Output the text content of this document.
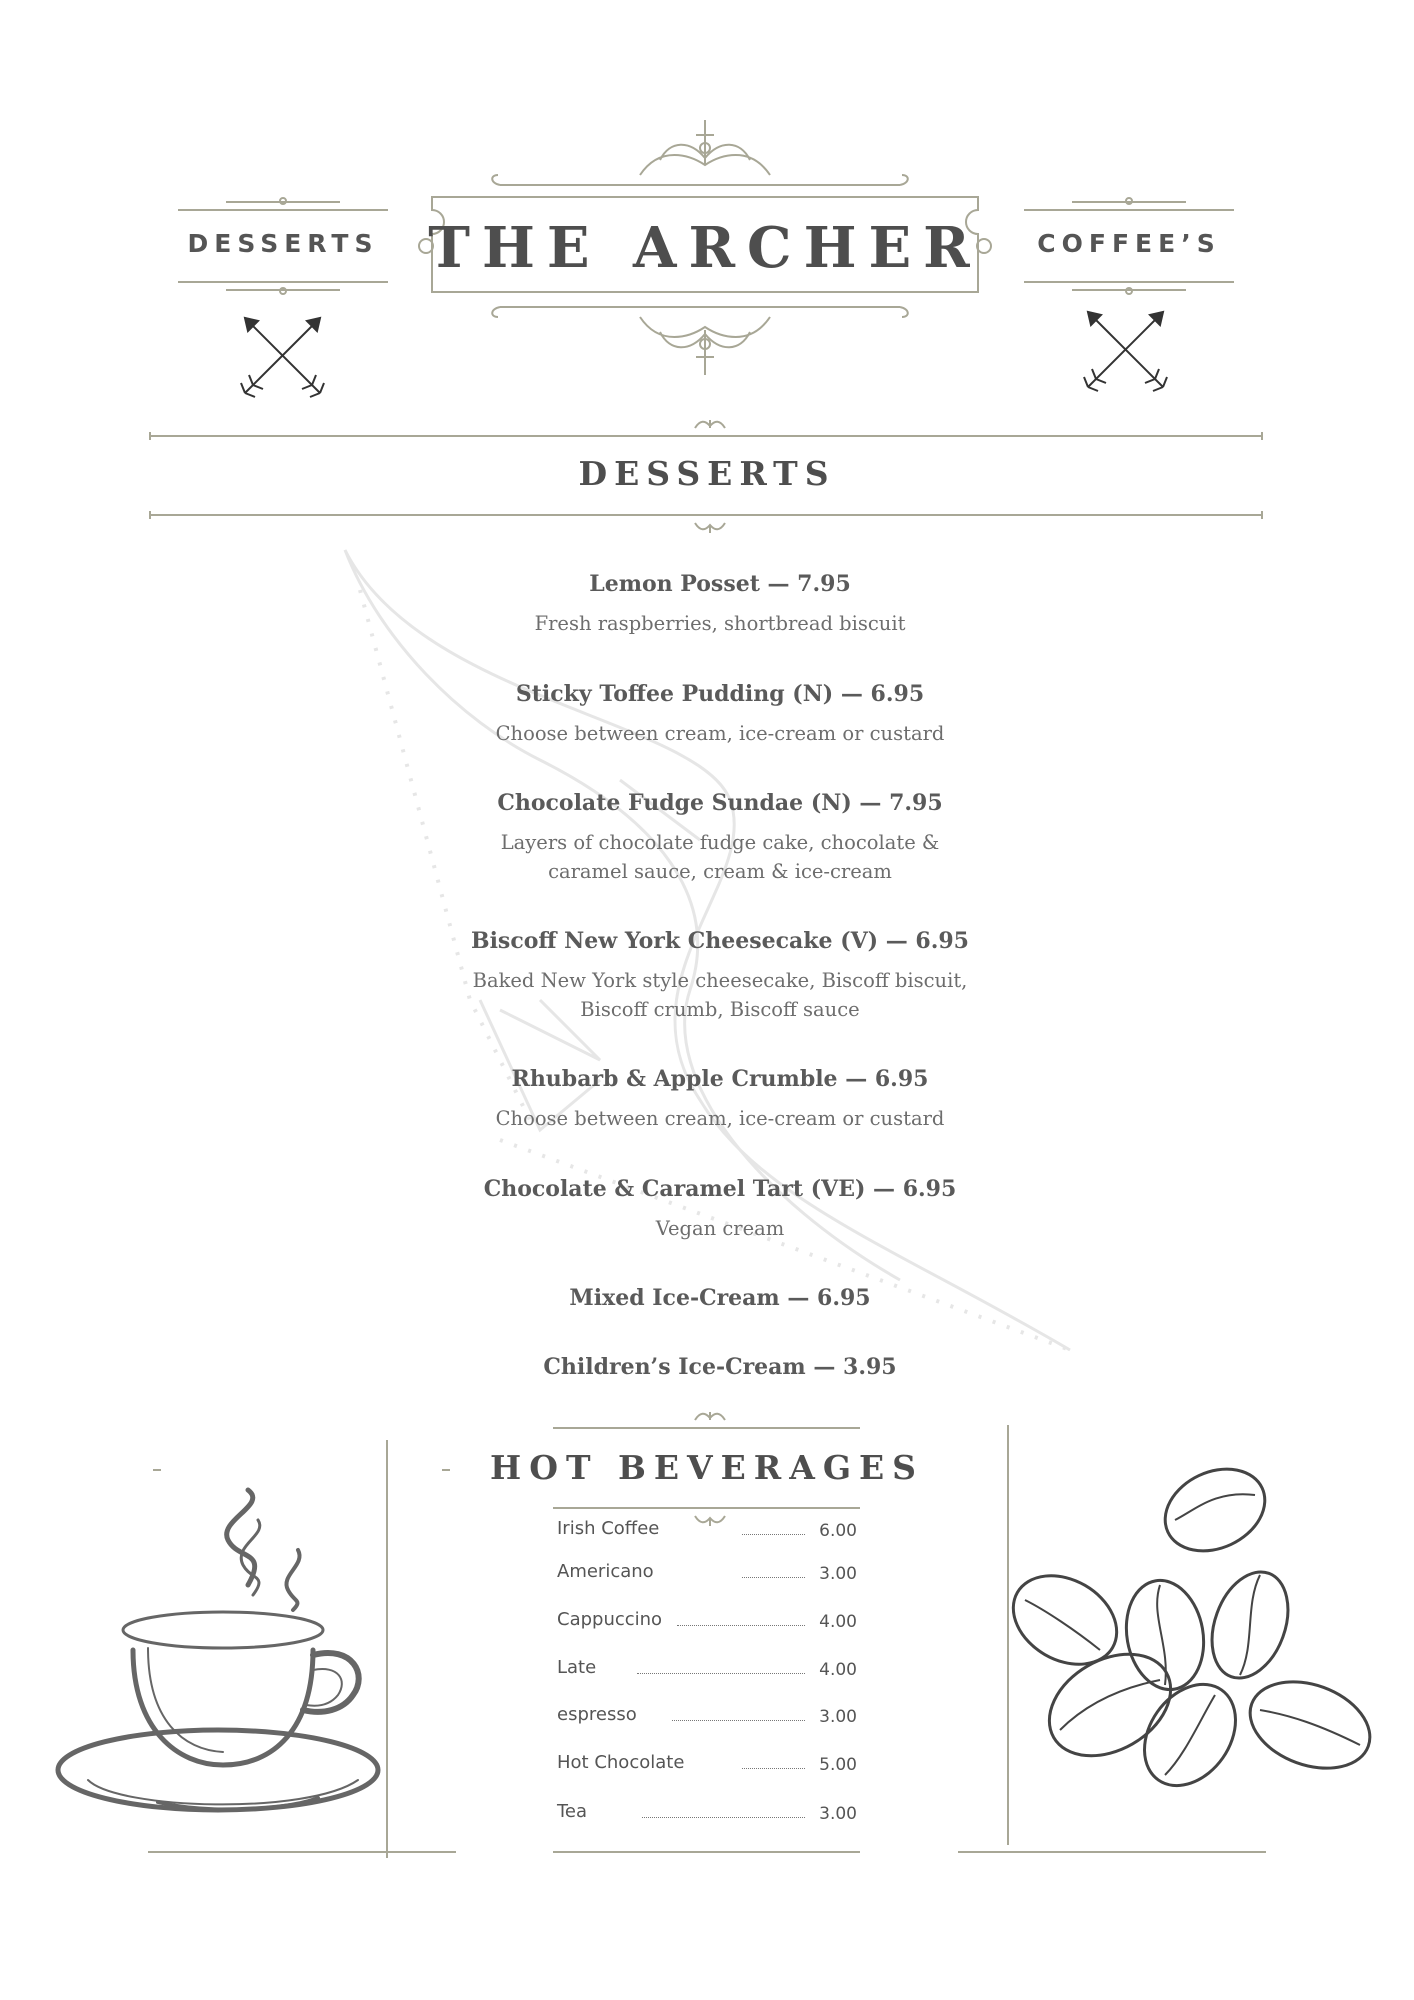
DESSERTS THE ARCHER	COFFEE’S
DESSERTS
Lemon Posset — 7.95
Fresh raspberries, shortbread biscuit
Sticky Toffee Pudding (N) — 6.95
Choose between cream, ice-cream or custard
Chocolate Fudge Sundae (N) — 7.95
Layers of chocolate fudge cake, chocolate & caramel sauce, cream & ice-cream
Biscoff New York Cheesecake (V) — 6.95
Baked New York style cheesecake, Biscoff biscuit, Biscoff crumb, Biscoff sauce
Rhubarb & Apple Crumble — 6.95
Choose between cream, ice-cream or custard
Chocolate & Caramel Tart (VE) — 6.95
Vegan cream
Mixed Ice-Cream — 6.95
Children’s Ice-Cream — 3.95
HOT BEVERAGES
Irish Coffee	6.00
Americano	3.00
Cappuccino	4.00
Late	4.00
espresso	3.00
Hot Chocolate	5.00
Tea	3.00
